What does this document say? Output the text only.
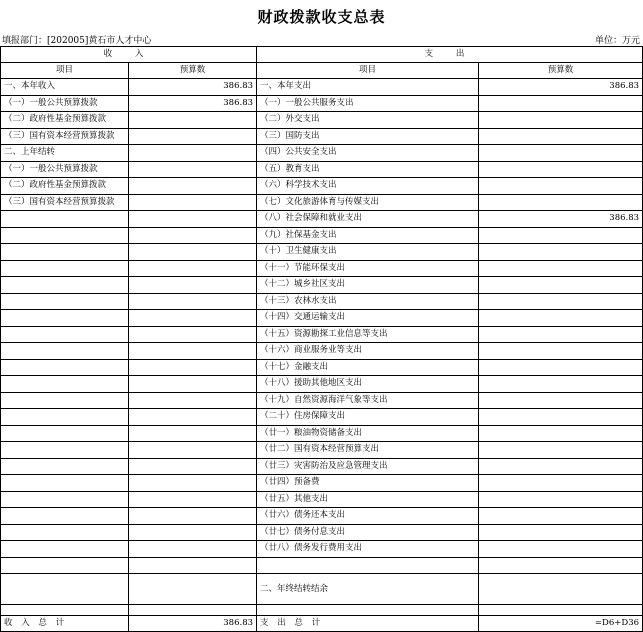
财政拨款收支总表
填报部门：[202005]黄石市人才中心	单位：万元
收 入		支 出	
项目	预算数	项目	预算数
一、本年收入	386.83	一、本年支出	386.83
（一）一般公共预算拨款	386.83	（一）一般公共服务支出	
（二）政府性基金预算拨款		（二）外交支出	
（三）国有资本经营预算拨款		（三）国防支出	
二、上年结转		（四）公共安全支出	
（一）一般公共预算拨款		（五）教育支出	
（二）政府性基金预算拨款		（六）科学技术支出	
（三）国有资本经营预算拨款		（七）文化旅游体育与传媒支出	
		（八）社会保障和就业支出	386.83
		（九）社保基金支出	
		（十）卫生健康支出	
		（十一）节能环保支出	
		（十二）城乡社区支出	
		（十三）农林水支出	
		（十四）交通运输支出	
		（十五）资源勘探工业信息等支出	
		（十六）商业服务业等支出	
		（十七）金融支出	
		（十八）援助其他地区支出	
		（十九）自然资源海洋气象等支出	
		（二十）住房保障支出	
		（廿一）粮油物资储备支出	
		（廿二）国有资本经营预算支出	
		（廿三）灾害防治及应急管理支出	
		（廿四）预备费	
		（廿五）其他支出	
		（廿六）债务还本支出	
		（廿七）债务付息支出	
		（廿八）债务发行费用支出	

		二、年终结转结余	

收 入 总 计	386.83	支 出 总 计	=D6+D36
